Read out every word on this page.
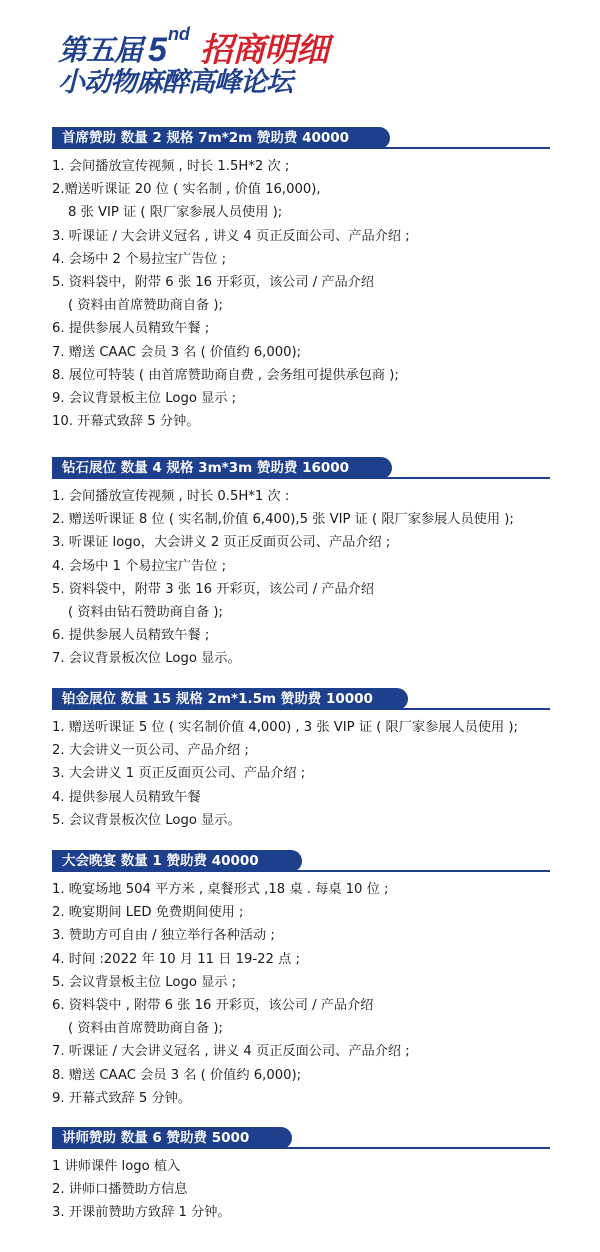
第五届 5 nd 招商明细
小动物麻醉高峰论坛
首席赞助 数量 2 规格 7m*2m 赞助费 40000
1. 会间播放宣传视频 , 时长 1.5H*2 次 ;
2.赠送听课证 20 位 ( 实名制 , 价值 16,000),
8 张 VIP 证 ( 限厂家参展人员使用 );
3. 听课证 / 大会讲义冠名 , 讲义 4 页正反面公司、产品介绍 ;
4. 会场中 2 个易拉宝广告位 ;
5. 资料袋中，附带 6 张 16 开彩页，该公司 / 产品介绍
( 资料由首席赞助商自备 );
6. 提供参展人员精致午餐 ;
7. 赠送 CAAC 会员 3 名 ( 价值约 6,000);
8. 展位可特装 ( 由首席赞助商自费 , 会务组可提供承包商 );
9. 会议背景板主位 Logo 显示 ;
10. 开幕式致辞 5 分钟。
钻石展位 数量 4 规格 3m*3m 赞助费 16000
1. 会间播放宣传视频 , 时长 0.5H*1 次 :
2. 赠送听课证 8 位 ( 实名制,价值 6,400),5 张 VIP 证 ( 限厂家参展人员使用 );
3. 听课证 logo，大会讲义 2 页正反面页公司、产品介绍 ;
4. 会场中 1 个易拉宝广告位 ;
5. 资料袋中，附带 3 张 16 开彩页，该公司 / 产品介绍
( 资料由钻石赞助商自备 );
6. 提供参展人员精致午餐 ;
7. 会议背景板次位 Logo 显示。
铂金展位 数量 15 规格 2m*1.5m 赞助费 10000
1. 赠送听课证 5 位 ( 实名制价值 4,000) , 3 张 VIP 证 ( 限厂家参展人员使用 );
2. 大会讲义一页公司、产品介绍 ;
3. 大会讲义 1 页正反面页公司、产品介绍 ;
4. 提供参展人员精致午餐
5. 会议背景板次位 Logo 显示。
大会晚宴 数量 1 赞助费 40000
1. 晚宴场地 504 平方米 , 桌餐形式 ,18 桌 . 每桌 10 位 ;
2. 晚宴期间 LED 免费期间使用 ;
3. 赞助方可自由 / 独立举行各种活动 ;
4. 时间 :2022 年 10 月 11 日 19-22 点 ;
5. 会议背景板主位 Logo 显示 ;
6. 资料袋中 , 附带 6 张 16 开彩页，该公司 / 产品介绍
( 资料由首席赞助商自备 );
7. 听课证 / 大会讲义冠名 , 讲义 4 页正反面公司、产品介绍 ;
8. 赠送 CAAC 会员 3 名 ( 价值约 6,000);
9. 开幕式致辞 5 分钟。
讲师赞助 数量 6 赞助费 5000
1 讲师课件 logo 植入
2. 讲师口播赞助方信息
3. 开课前赞助方致辞 1 分钟。
